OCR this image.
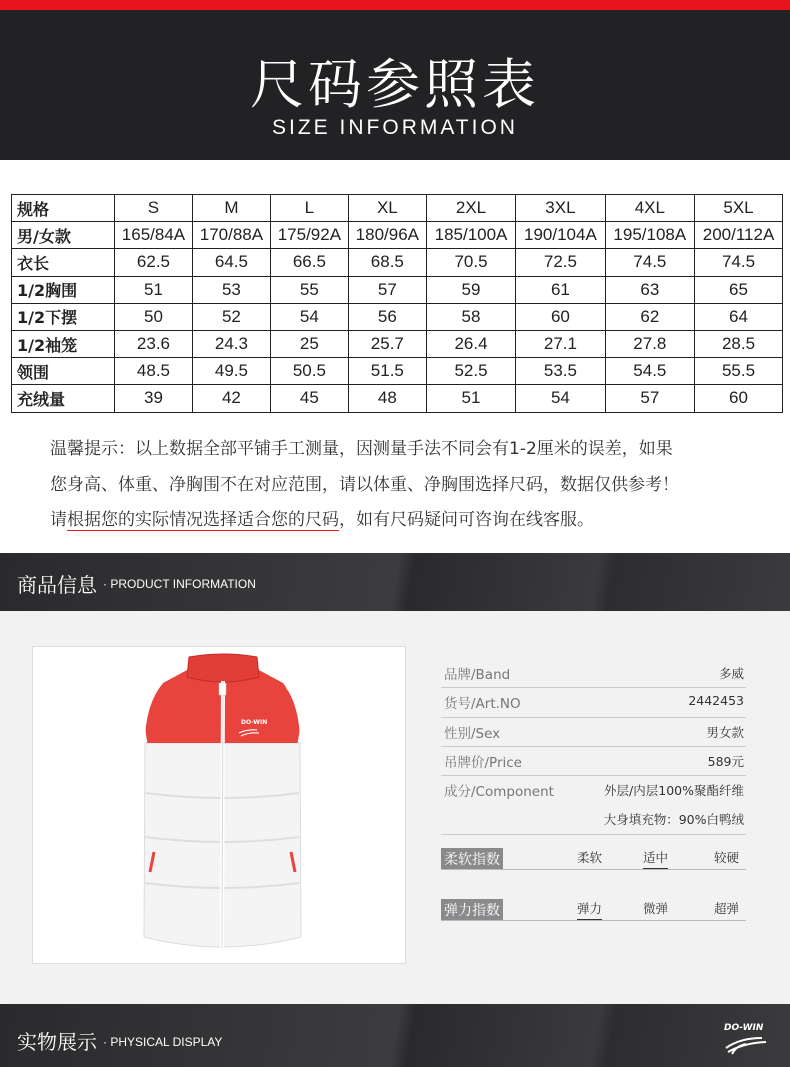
尺码参照表
SIZE INFORMATION
规格	S	M	L	XL	2XL	3XL	4XL	5XL
男/女款	165/84A	170/88A	175/92A	180/96A	185/100A	190/104A	195/108A	200/112A
衣长	62.5	64.5	66.5	68.5	70.5	72.5	74.5	74.5
1/2胸围	51	53	55	57	59	61	63	65
1/2下摆	50	52	54	56	58	60	62	64
1/2袖笼	23.6	24.3	25	25.7	26.4	27.1	27.8	28.5
领围	48.5	49.5	50.5	51.5	52.5	53.5	54.5	55.5
充绒量	39	42	45	48	51	54	57	60
温馨提示：以上数据全部平铺手工测量，因测量手法不同会有1-2厘米的误差，如果
您身高、体重、净胸围不在对应范围，请以体重、净胸围选择尺码，数据仅供参考！
请根据您的实际情况选择适合您的尺码，如有尺码疑问可咨询在线客服。
商品信息 · PRODUCT INFORMATION
DO-WIN
品牌/Band	多威
货号/Art.NO	2442453
性别/Sex	男女款
吊牌价/Price	589元
成分/Component	外层/内层100%聚酯纤维
大身填充物：90%白鸭绒
柔软指数	柔软	适中	较硬
弹力指数	弹力	微弹	超弹
实物展示 · PHYSICAL DISPLAY
DO-WIN
